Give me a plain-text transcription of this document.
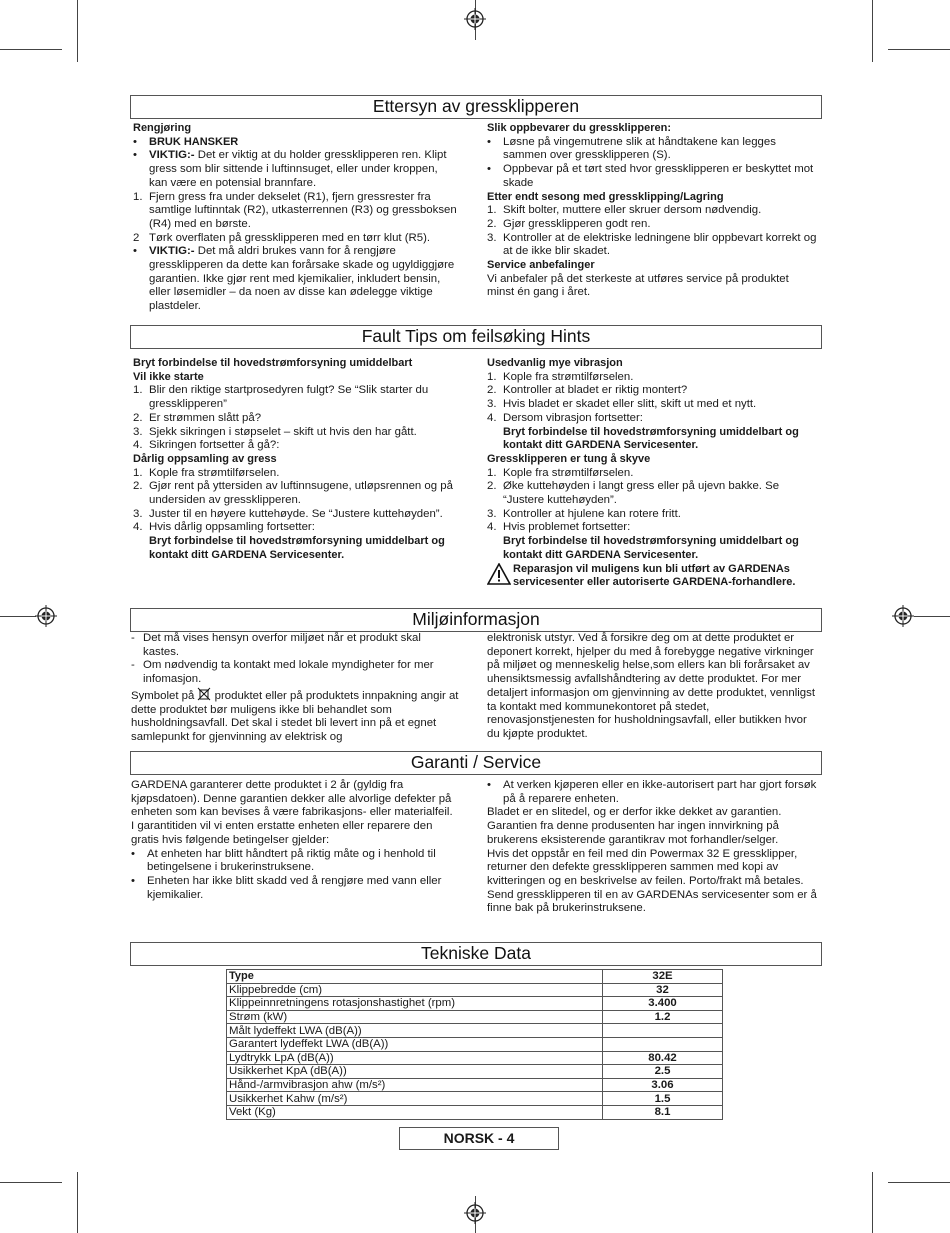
Ettersyn av gressklipperen

Rengjøring

•	BRUK HANSKER
•	VIKTIG:- Det er viktig at du holder gressklipperen ren. Klipt gress som blir sittende i luftinnsuget, eller under kroppen, kan være en potensial brannfare.
1. Fjern gress fra under dekselet (R1), fjern gressrester fra samtlige luftinntak (R2), utkasterrennen (R3) og gressboksen (R4) med en børste.
2 Tørk overflaten på gressklipperen med en tørr klut (R5).
•	VIKTIG:- Det må aldri brukes vann for å rengjøre gressklipperen da dette kan forårsake skade og ugyldiggjøre garantien. Ikke gjør rent med kjemikalier, inkludert bensin, eller løsemidler – da noen av disse kan ødelegge viktige plastdeler.

Slik oppbevarer du gressklipperen:

•	Løsne på vingemutrene slik at håndtakene kan legges sammen over gressklipperen (S).
•	Oppbevar på et tørt sted hvor gressklipperen er beskyttet mot skade

Etter endt sesong med gressklipping/Lagring

1. Skift bolter, muttere eller skruer dersom nødvendig.
2. Gjør gressklipperen godt ren.
3. Kontroller at de elektriske ledningene blir oppbevart korrekt og at de ikke blir skadet.

Service anbefalinger

Vi anbefaler på det sterkeste at utføres service på produktet minst én gang i året.

Fault Tips om feilsøking Hints

Bryt forbindelse til hovedstrømforsyning umiddelbart

Vil ikke starte

1. Blir den riktige startprosedyren fulgt? Se “Slik starter du gressklipperen”
2. Er strømmen slått på?
3. Sjekk sikringen i støpselet – skift ut hvis den har gått.
4. Sikringen fortsetter å gå?:

Dårlig oppsamling av gress

1. Kople fra strømtilførselen.
2. Gjør rent på yttersiden av luftinnsugene, utløpsrennen og på undersiden av gressklipperen.
3. Juster til en høyere kuttehøyde. Se “Justere kuttehøyden”.
4. Hvis dårlig oppsamling fortsetter:

Bryt forbindelse til hovedstrømforsyning umiddelbart og kontakt ditt GARDENA Servicesenter.

Usedvanlig mye vibrasjon

1. Kople fra strømtilførselen.
2. Kontroller at bladet er riktig montert?
3. Hvis bladet er skadet eller slitt, skift ut med et nytt.
4. Dersom vibrasjon fortsetter:

Bryt forbindelse til hovedstrømforsyning umiddelbart og kontakt ditt GARDENA Servicesenter.

Gressklipperen er tung å skyve

1. Kople fra strømtilførselen.
2. Øke kuttehøyden i langt gress eller på ujevn bakke. Se “Justere kuttehøyden”.
3. Kontroller at hjulene kan rotere fritt.
4. Hvis problemet fortsetter:

Bryt forbindelse til hovedstrømforsyning umiddelbart og kontakt ditt GARDENA Servicesenter.

Reparasjon vil muligens kun bli utført av GARDENAs servicesenter eller autoriserte GARDENA-forhandlere.
Miljøinformasjon
- Det må vises hensyn overfor miljøet når et produkt skal kastes.
- Om nødvendig ta kontakt med lokale myndigheter for mer infomasjon.

Symbolet på  produktet eller på produktets innpakning angir at dette produktet bør muligens ikke bli behandlet som husholdningsavfall. Det skal i stedet bli levert inn på et egnet samlepunkt for gjenvinning av elektrisk og

elektronisk utstyr. Ved å forsikre deg om at dette produktet er deponert korrekt, hjelper du med å forebygge negative virkninger på miljøet og menneskelig helse,som ellers kan bli forårsaket av uhensiktsmessig avfallshåndtering av dette produktet. For mer detaljert informasjon om gjenvinning av dette produktet, vennligst ta kontakt med kommunekontoret på stedet, renovasjonstjenesten for husholdningsavfall, eller butikken hvor du kjøpte produktet.

Garanti / Service

GARDENA garanterer dette produktet i 2 år (gyldig fra kjøpsdatoen). Denne garantien dekker alle alvorlige defekter på enheten som kan bevises å være fabrikasjons- eller materialfeil.

I garantitiden vil vi enten erstatte enheten eller reparere den gratis hvis følgende betingelser gjelder:

•	At enheten har blitt håndtert på riktig måte og i henhold til betingelsene i brukerinstruksene.
•	Enheten har ikke blitt skadd ved å rengjøre med vann eller kjemikalier.
•	At verken kjøperen eller en ikke-autorisert part har gjort forsøk på å reparere enheten.

Bladet er en slitedel, og er derfor ikke dekket av garantien.

Garantien fra denne produsenten har ingen innvirkning på brukerens eksisterende garantikrav mot forhandler/selger.

Hvis det oppstår en feil med din Powermax 32 E gressklipper, returner den defekte gressklipperen sammen med kopi av kvitteringen og en beskrivelse av feilen. Porto/frakt må betales. Send gressklipperen til en av GARDENAs servicesenter som er å finne bak på brukerinstruksene.

Tekniske Data
Type	32E
Klippebredde (cm)	32
Klippeinnretningens rotasjonshastighet (rpm)	3.400
Strøm (kW)	1.2
Målt lydeffekt LWA (dB(A))	
Garantert lydeffekt LWA (dB(A))	
Lydtrykk LpA (dB(A))	80.42
Usikkerhet KpA (dB(A))	2.5
Hånd-/armvibrasjon ahw (m/s²)	3.06
Usikkerhet Kahw (m/s²)	1.5
Vekt (Kg)	8.1
NORSK - 4
